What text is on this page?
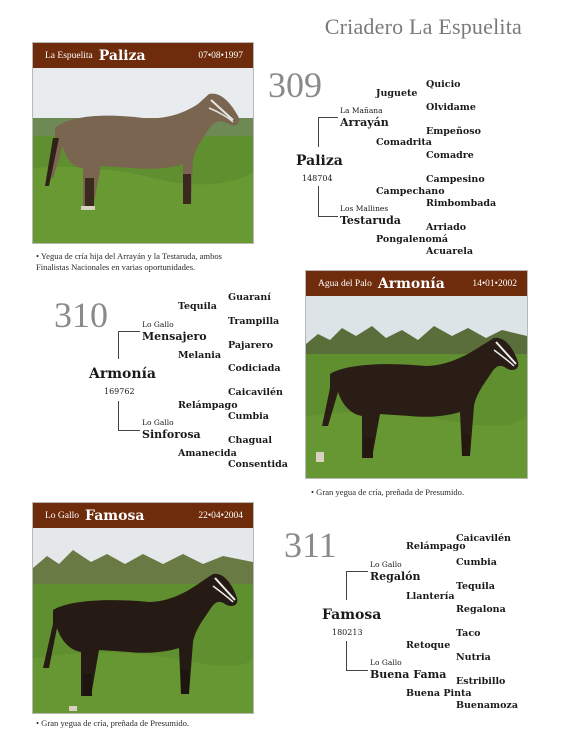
Criadero La Espuelita
La Espuelita Paliza	07•08•1997
• Yegua de cría hija del Arrayán y la Testaruda, ambos Finalistas Nacionales en varias oportunidades.
309	Juguete
La Mañana
Arrayán
Comadrita
Paliza
148704
Campechano
Los Mallines
Testaruda
Pongalenomá
Quicio
Olvidame
Empeñoso
Comadre
Campesino
Rimbombada
Arriado
Acuarela
Agua del Palo Armonía	14•01•2002
• Gran yegua de cría, preñada de Presumido.
310	Tequila
Lo Gallo
Mensajero
Melania
Armonía
169762
Relámpago
Lo Gallo
Sinforosa
Amanecida
Guaraní
Trampilla
Pajarero
Codiciada
Caicavilén
Cumbia
Chagual
Consentida
Lo Gallo Famosa	22•04•2004
• Gran yegua de cría, preñada de Presumido.
311	Relámpago
Lo Gallo
Regalón
Llantería
Famosa
180213
Retoque
Lo Gallo
Buena Fama
Buena Pinta
Caicavilén
Cumbia
Tequila
Regalona
Taco
Nutria
Estribillo
Buenamoza
